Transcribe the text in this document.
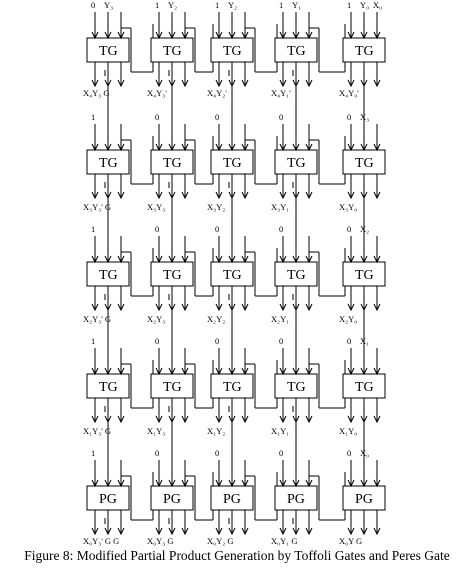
TG
0 Y₃
X₄Y₃ G
TG
1 Y₂
X₄Y₃'
TG
1 Y₂
X₄Y₂'
TG
1 Y₁
X₄Y₁'
TG
1 Y₀ X₀
X₄Y₀'
TG
1
X₃Y₃' G
TG
0
X₃Y₃
TG
0
X₃Y₂
TG
0
X₃Y₁
TG
0 X₃
X₃Y₀
TG
1
X₂Y₃' G
TG
0
X₂Y₃
TG
0
X₂Y₂
TG
0
X₂Y₁
TG
0 X₂
X₂Y₀
TG
1
X₁Y₃' G
TG
0
X₁Y₃
TG
0
X₁Y₂
TG
0
X₁Y₁
TG
0 X₁
X₁Y₀
PG
1
X₀Y₃' G G
PG
0
X₀Y₃ G
PG
0
X₀Y₂ G
PG
0
X₀Y₁ G
PG
0 X₀
X₀Y G
Figure 8: Modified Partial Product Generation by Toffoli Gates and Peres Gate
